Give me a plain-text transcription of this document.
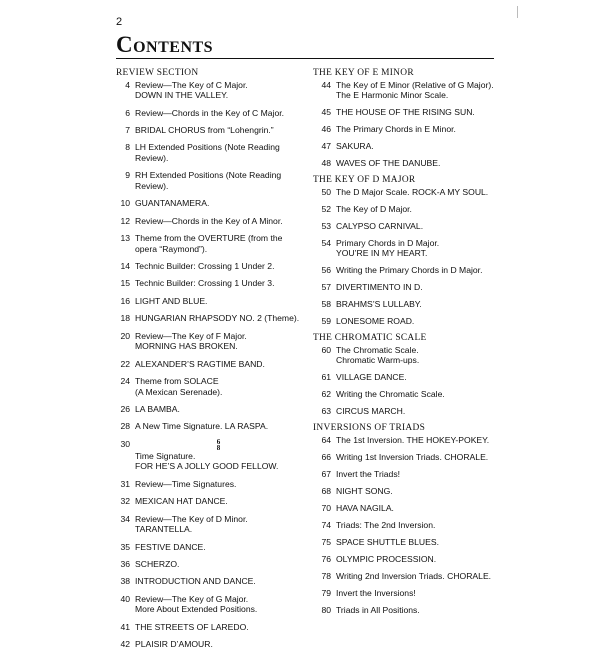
2
Contents
REVIEW SECTION
4 Review—The Key of C Major.
DOWN IN THE VALLEY.
6 Review—Chords in the Key of C Major.
7 BRIDAL CHORUS from “Lohengrin.”
8 LH Extended Positions (Note Reading
Review).
9 RH Extended Positions (Note Reading
Review).
10 GUANTANAMERA.
12 Review—Chords in the Key of A Minor.
13 Theme from the OVERTURE (from the
opera “Raymond”).
14 Technic Builder: Crossing 1 Under 2.
15 Technic Builder: Crossing 1 Under 3.
16 LIGHT AND BLUE.
18 HUNGARIAN RHAPSODY NO. 2 (Theme).
20 Review—The Key of F Major.
MORNING HAS BROKEN.
22 ALEXANDER’S RAGTIME BAND.
24 Theme from SOLACE
(A Mexican Serenade).
26 LA BAMBA.
28 A New Time Signature. LA RASPA.
30	6
8
Time Signature.
FOR HE’S A JOLLY GOOD FELLOW.
31 Review—Time Signatures.
32 MEXICAN HAT DANCE.
34 Review—The Key of D Minor.
TARANTELLA.
35 FESTIVE DANCE.
36 SCHERZO.
38 INTRODUCTION AND DANCE.
40 Review—The Key of G Major.
More About Extended Positions.
41 THE STREETS OF LAREDO.
42 PLAISIR D’AMOUR.
THE KEY OF E MINOR
44 The Key of E Minor (Relative of G Major).
The E Harmonic Minor Scale.
45 THE HOUSE OF THE RISING SUN.
46 The Primary Chords in E Minor.
47 SAKURA.
48 WAVES OF THE DANUBE.
THE KEY OF D MAJOR
50 The D Major Scale. ROCK-A MY SOUL.
52 The Key of D Major.
53 CALYPSO CARNIVAL.
54 Primary Chords in D Major.
YOU’RE IN MY HEART.
56 Writing the Primary Chords in D Major.
57 DIVERTIMENTO IN D.
58 BRAHMS’S LULLABY.
59 LONESOME ROAD.
THE CHROMATIC SCALE
60 The Chromatic Scale.
Chromatic Warm-ups.
61 VILLAGE DANCE.
62 Writing the Chromatic Scale.
63 CIRCUS MARCH.
INVERSIONS OF TRIADS
64 The 1st Inversion. THE HOKEY-POKEY.
66 Writing 1st Inversion Triads. CHORALE.
67 Invert the Triads!
68 NIGHT SONG.
70 HAVA NAGILA.
74 Triads: The 2nd Inversion.
75 SPACE SHUTTLE BLUES.
76 OLYMPIC PROCESSION.
78 Writing 2nd Inversion Triads. CHORALE.
79 Invert the Inversions!
80 Triads in All Positions.
